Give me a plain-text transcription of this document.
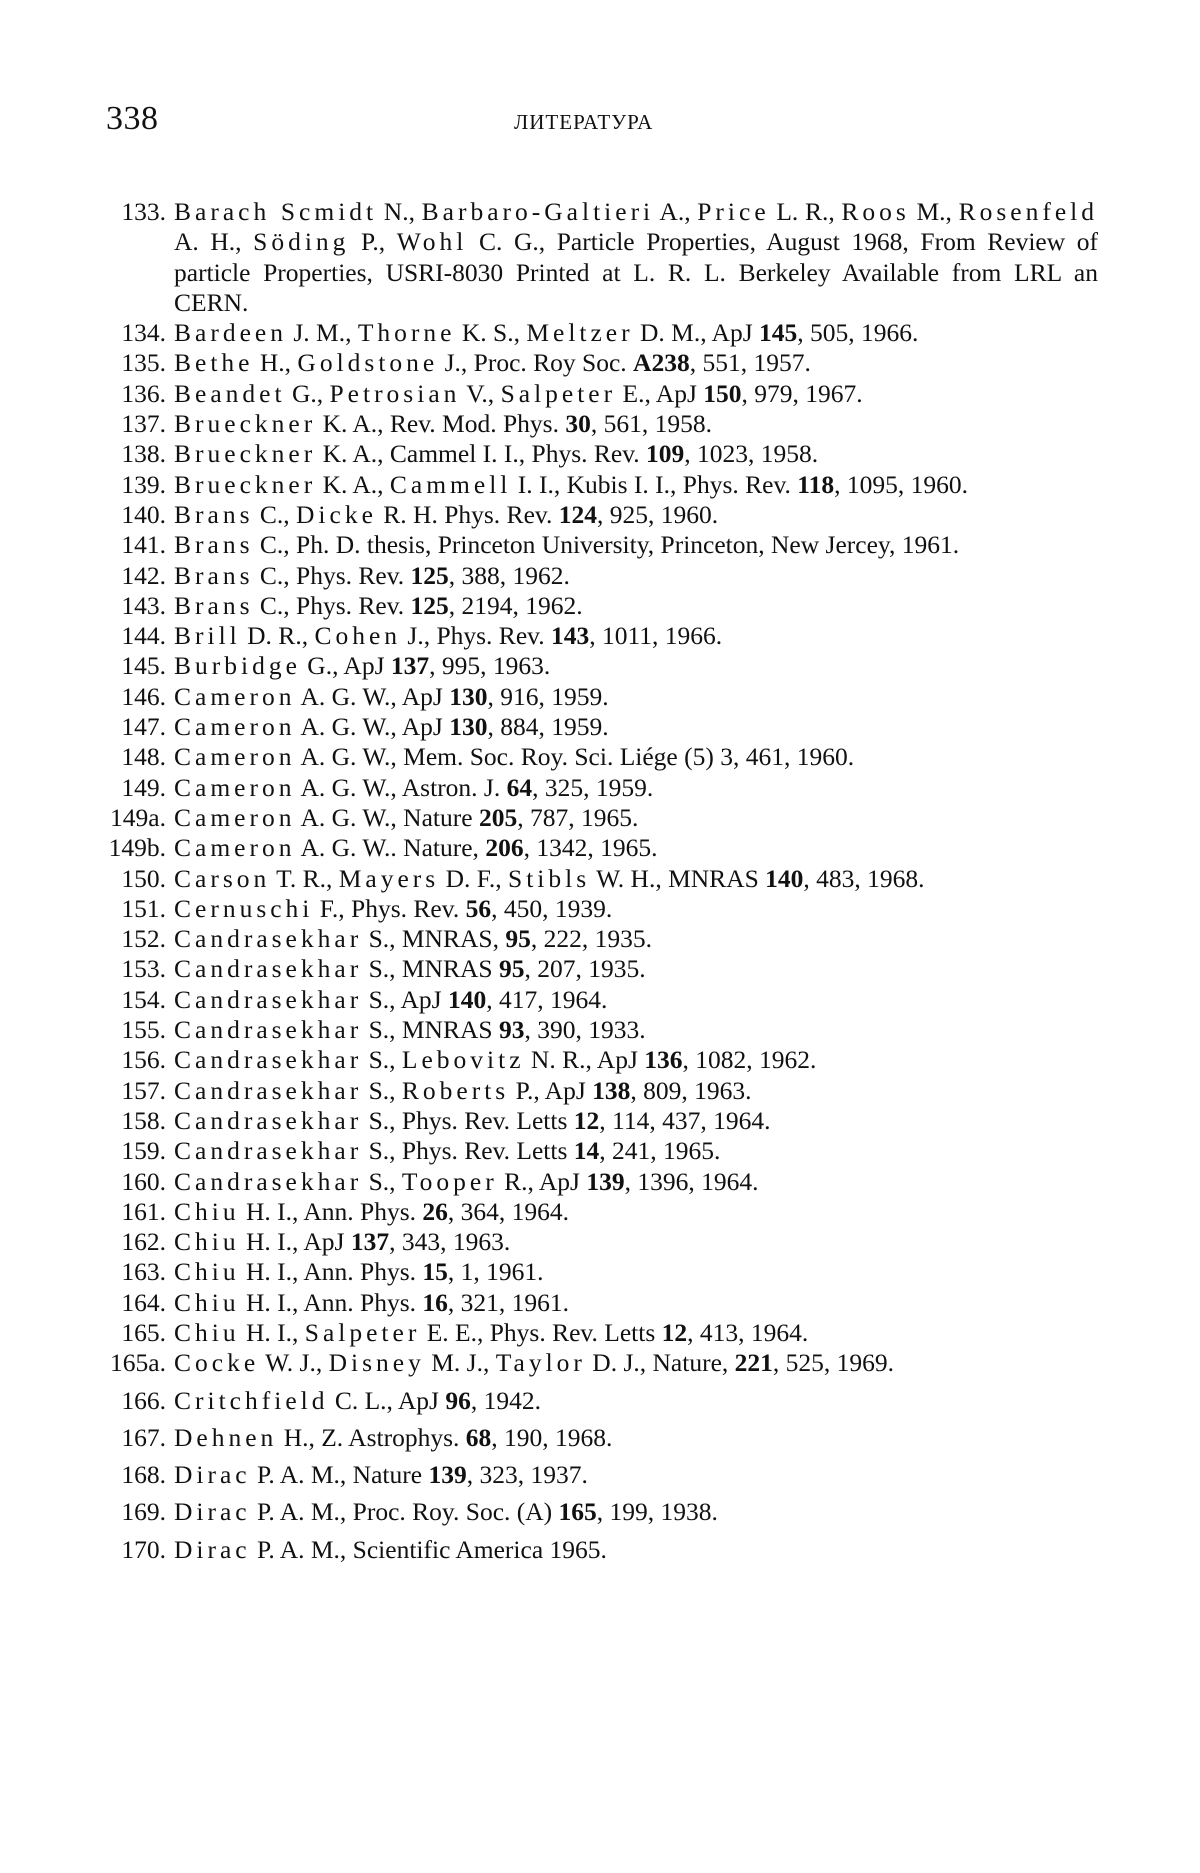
338	ЛИТЕРАТУРА
133. Barach Scmidt N., Barbaro-Galtieri A., Price L. R., Roos M., Rosenfeld A. H., Söding P., Wohl C. G., Particle Properties, August 1968, From Review of particle Properties, USRI-8030 Printed at L. R. L. Berkeley Available from LRL an CERN.
134. Bardeen J. M., Thorne K. S., Meltzer D. M., ApJ 145, 505, 1966.
135. Bethe H., Goldstone J., Proc. Roy Soc. A238, 551, 1957.
136. Beandet G., Petrosian V., Salpeter E., ApJ 150, 979, 1967.
137. Brueckner K. A., Rev. Mod. Phys. 30, 561, 1958.
138. Brueckner K. A., Cammel I. I., Phys. Rev. 109, 1023, 1958.
139. Brueckner K. A., Cammell I. I., Kubis I. I., Phys. Rev. 118, 1095, 1960.
140. Brans C., Dicke R. H. Phys. Rev. 124, 925, 1960.
141. Brans C., Ph. D. thesis, Princeton University, Princeton, New Jercey, 1961.
142. Brans C., Phys. Rev. 125, 388, 1962.
143. Brans C., Phys. Rev. 125, 2194, 1962.
144. Brill D. R., Cohen J., Phys. Rev. 143, 1011, 1966.
145. Burbidge G., ApJ 137, 995, 1963.
146. Cameron A. G. W., ApJ 130, 916, 1959.
147. Cameron A. G. W., ApJ 130, 884, 1959.
148. Cameron A. G. W., Mem. Soc. Roy. Sci. Liége (5) 3, 461, 1960.
149. Cameron A. G. W., Astron. J. 64, 325, 1959.
149a. Cameron A. G. W., Nature 205, 787, 1965.
149b. Cameron A. G. W.. Nature, 206, 1342, 1965.
150. Carson T. R., Mayers D. F., Stibls W. H., MNRAS 140, 483, 1968.
151. Cernuschi F., Phys. Rev. 56, 450, 1939.
152. Candrasekhar S., MNRAS, 95, 222, 1935.
153. Candrasekhar S., MNRAS 95, 207, 1935.
154. Candrasekhar S., ApJ 140, 417, 1964.
155. Candrasekhar S., MNRAS 93, 390, 1933.
156. Candrasekhar S., Lebovitz N. R., ApJ 136, 1082, 1962.
157. Candrasekhar S., Roberts P., ApJ 138, 809, 1963.
158. Candrasekhar S., Phys. Rev. Letts 12, 114, 437, 1964.
159. Candrasekhar S., Phys. Rev. Letts 14, 241, 1965.
160. Candrasekhar S., Tooper R., ApJ 139, 1396, 1964.
161. Chiu H. I., Ann. Phys. 26, 364, 1964.
162. Chiu H. I., ApJ 137, 343, 1963.
163. Chiu H. I., Ann. Phys. 15, 1, 1961.
164. Chiu H. I., Ann. Phys. 16, 321, 1961.
165. Chiu H. I., Salpeter E. E., Phys. Rev. Letts 12, 413, 1964.
165a. Cocke W. J., Disney M. J., Taylor D. J., Nature, 221, 525, 1969.
166. Critchfield C. L., ApJ 96, 1942.
167. Dehnen H., Z. Astrophys. 68, 190, 1968.
168. Dirac P. A. M., Nature 139, 323, 1937.
169. Dirac P. A. M., Proc. Roy. Soc. (A) 165, 199, 1938.
170. Dirac P. A. M., Scientific America 1965.
